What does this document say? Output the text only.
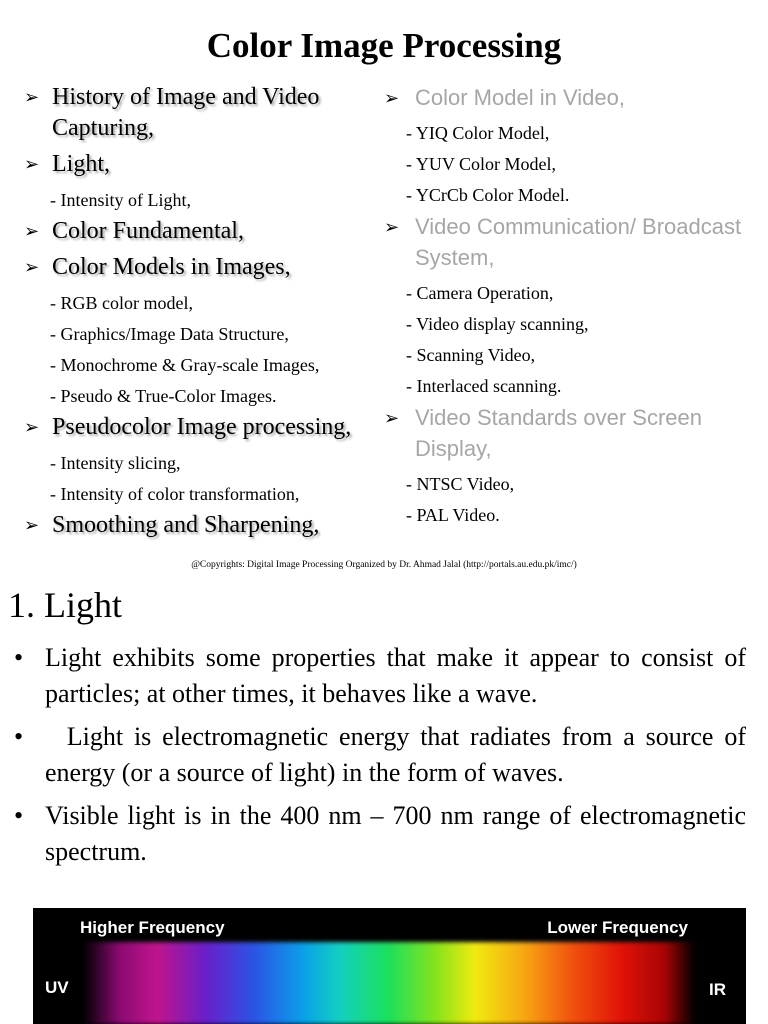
Color Image Processing
➢ History of Image and Video Capturing,
➢ Light,
- Intensity of Light,
➢ Color Fundamental,
➢ Color Models in Images,
- RGB color model,
- Graphics/Image Data Structure,
- Monochrome & Gray-scale Images,
- Pseudo & True-Color Images.
➢ Pseudocolor Image processing,
- Intensity slicing,
- Intensity of color transformation,
➢ Smoothing and Sharpening,
➢ Color Model in Video,
- YIQ Color Model,
- YUV Color Model,
- YCrCb Color Model.
➢ Video Communication/ Broadcast System,
- Camera Operation,
- Video display scanning,
- Scanning Video,
- Interlaced scanning.
➢ Video Standards over Screen Display,
- NTSC Video,
- PAL Video.
@Copyrights: Digital Image Processing Organized by Dr. Ahmad Jalal (http://portals.au.edu.pk/imc/)
1. Light
• Light exhibits some properties that make it appear to consist of particles; at other times, it behaves like a wave.
• Light is electromagnetic energy that radiates from a source of energy (or a source of light) in the form of waves.
• Visible light is in the 400 nm – 700 nm range of electromagnetic spectrum.
Higher Frequency	Lower Frequency
UV	IR
